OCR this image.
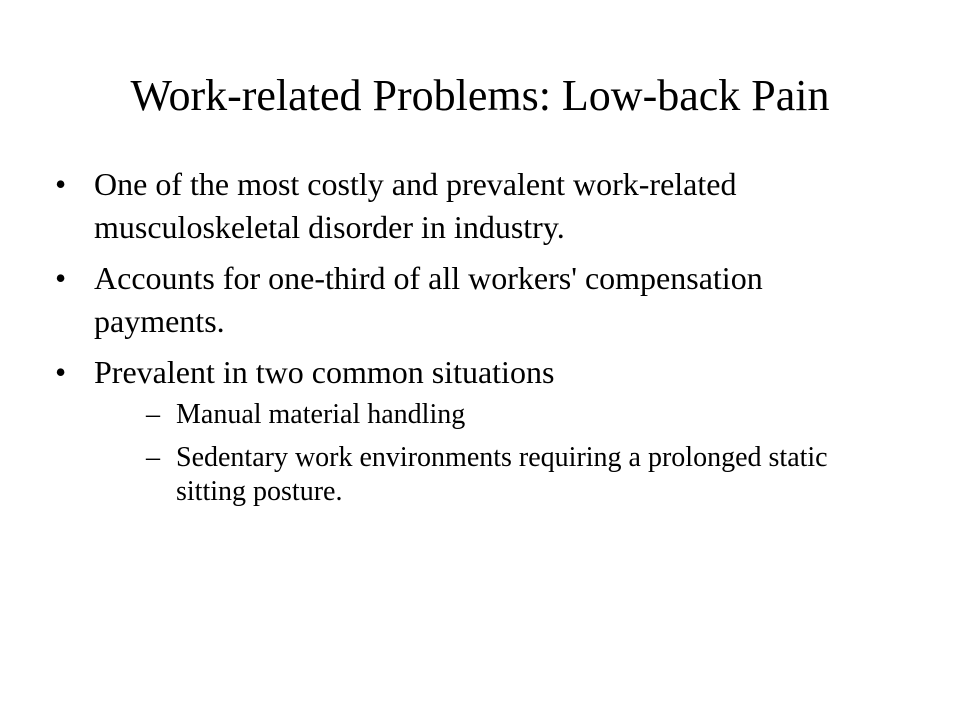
Work-related Problems: Low-back Pain
• One of the most costly and prevalent work-related musculoskeletal disorder in industry.
• Accounts for one-third of all workers' compensation payments.
• Prevalent in two common situations
– Manual material handling
– Sedentary work environments requiring a prolonged static sitting posture.
